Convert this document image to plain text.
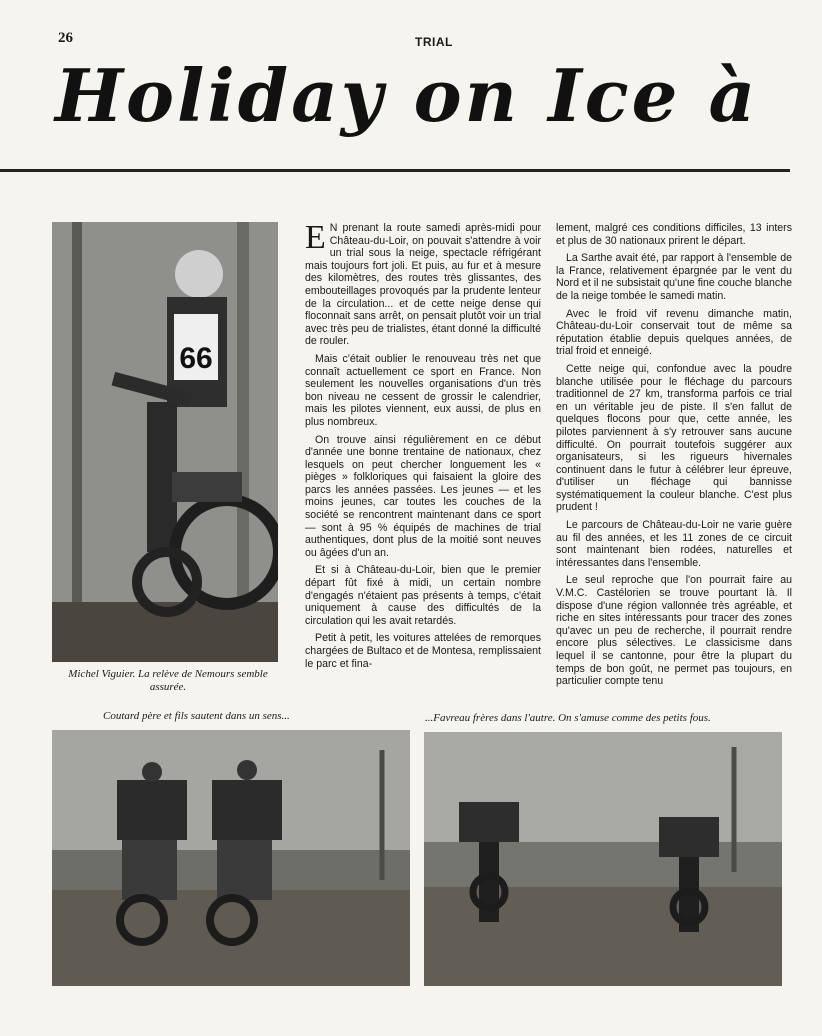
26	TRIAL
Holiday on Ice à
66
Michel Viguier. La relève de Nemours semble assurée.

E N prenant la route samedi après-midi pour Château-du-Loir, on pouvait s'attendre à voir un trial sous la neige, spectacle réfrigérant mais toujours fort joli. Et puis, au fur et à mesure des kilomètres, des routes très glissantes, des embouteillages provoqués par la prudente lenteur de la circulation... et de cette neige dense qui floconnait sans arrêt, on pensait plutôt voir un trial avec très peu de trialistes, étant donné la difficulté de rouler.

Mais c'était oublier le renouveau très net que connaît actuellement ce sport en France. Non seulement les nouvelles organisations d'un très bon niveau ne cessent de grossir le calendrier, mais les pilotes viennent, eux aussi, de plus en plus nombreux.

On trouve ainsi régulièrement en ce début d'année une bonne trentaine de nationaux, chez lesquels on peut chercher longuement les « pièges » folkloriques qui faisaient la gloire des parcs les années passées. Les jeunes — et les moins jeunes, car toutes les couches de la société se rencontrent maintenant dans ce sport — sont à 95 % équipés de machines de trial authentiques, dont plus de la moitié sont neuves ou âgées d'un an.

Et si à Château-du-Loir, bien que le premier départ fût fixé à midi, un certain nombre d'engagés n'étaient pas présents à temps, c'était uniquement à cause des difficultés de la circulation qui les avait retardés.

Petit à petit, les voitures attelées de remorques chargées de Bultaco et de Montesa, remplissaient le parc et fina-

lement, malgré ces conditions difficiles, 13 inters et plus de 30 nationaux prirent le départ.

La Sarthe avait été, par rapport à l'ensemble de la France, relativement épargnée par le vent du Nord et il ne subsistait qu'une fine couche blanche de la neige tombée le samedi matin.

Avec le froid vif revenu dimanche matin, Château-du-Loir conservait tout de même sa réputation établie depuis quelques années, de trial froid et enneigé.

Cette neige qui, confondue avec la poudre blanche utilisée pour le fléchage du parcours traditionnel de 27 km, transforma parfois ce trial en un véritable jeu de piste. Il s'en fallut de quelques flocons pour que, cette année, les pilotes parviennent à s'y retrouver sans aucune difficulté. On pourrait toutefois suggérer aux organisateurs, si les rigueurs hivernales continuent dans le futur à célébrer leur épreuve, d'utiliser un fléchage qui bannisse systématiquement la couleur blanche. C'est plus prudent !

Le parcours de Château-du-Loir ne varie guère au fil des années, et les 11 zones de ce circuit sont maintenant bien rodées, naturelles et intéressantes dans l'ensemble.

Le seul reproche que l'on pourrait faire au V.M.C. Castélorien se trouve pourtant là. Il dispose d'une région vallonnée très agréable, et riche en sites intéressants pour tracer des zones qu'avec un peu de recherche, il pourrait rendre encore plus sélectives. Le classicisme dans lequel il se cantonne, pour être la plupart du temps de bon goût, ne permet pas toujours, en particulier compte tenu

Coutard père et fils sautent dans un sens...	...Favreau frères dans l'autre. On s'amuse comme des petits fous.
